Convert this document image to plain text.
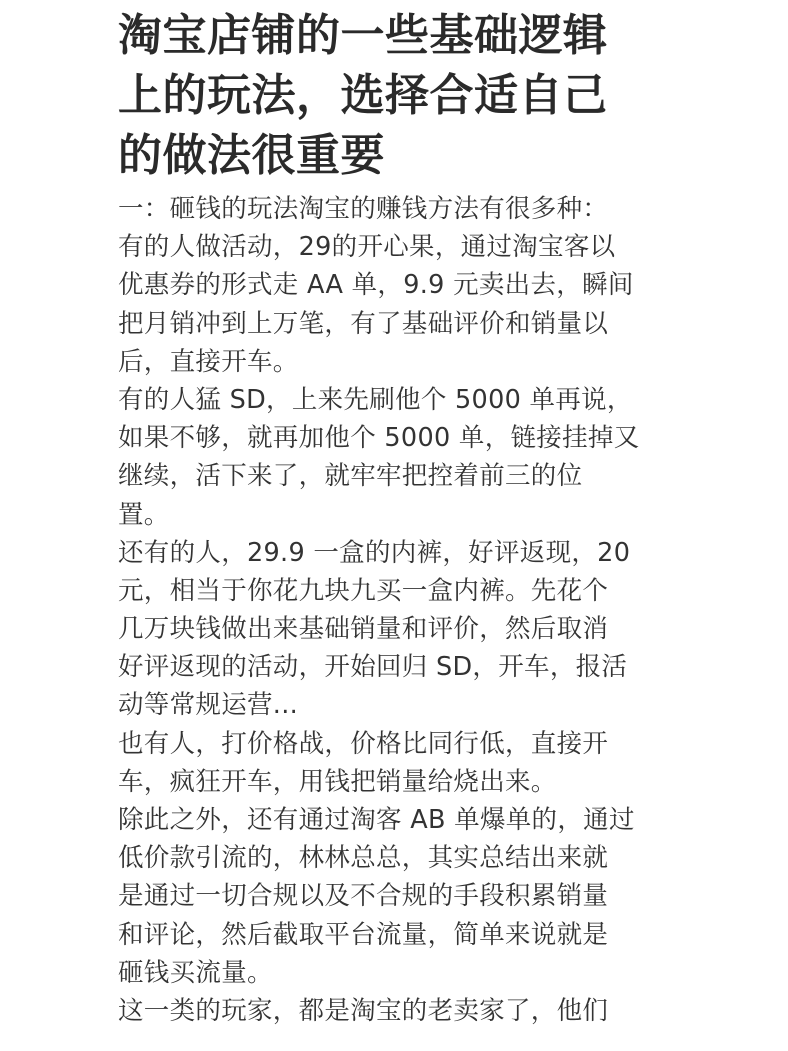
淘宝店铺的一些基础逻辑
上的玩法，选择合适自己
的做法很重要
一：砸钱的玩法淘宝的赚钱方法有很多种：
有的人做活动，29的开心果，通过淘宝客以
优惠券的形式走 AA 单，9.9 元卖出去，瞬间
把月销冲到上万笔，有了基础评价和销量以
后，直接开车。
有的人猛 SD，上来先刷他个 5000 单再说，
如果不够，就再加他个 5000 单，链接挂掉又
继续，活下来了，就牢牢把控着前三的位
置。
还有的人，29.9 一盒的内裤，好评返现，20
元，相当于你花九块九买一盒内裤。先花个
几万块钱做出来基础销量和评价，然后取消
好评返现的活动，开始回归 SD，开车，报活
动等常规运营...
也有人，打价格战，价格比同行低，直接开
车，疯狂开车，用钱把销量给烧出来。
除此之外，还有通过淘客 AB 单爆单的，通过
低价款引流的，林林总总，其实总结出来就
是通过一切合规以及不合规的手段积累销量
和评论，然后截取平台流量，简单来说就是
砸钱买流量。
这一类的玩家，都是淘宝的老卖家了，他们
